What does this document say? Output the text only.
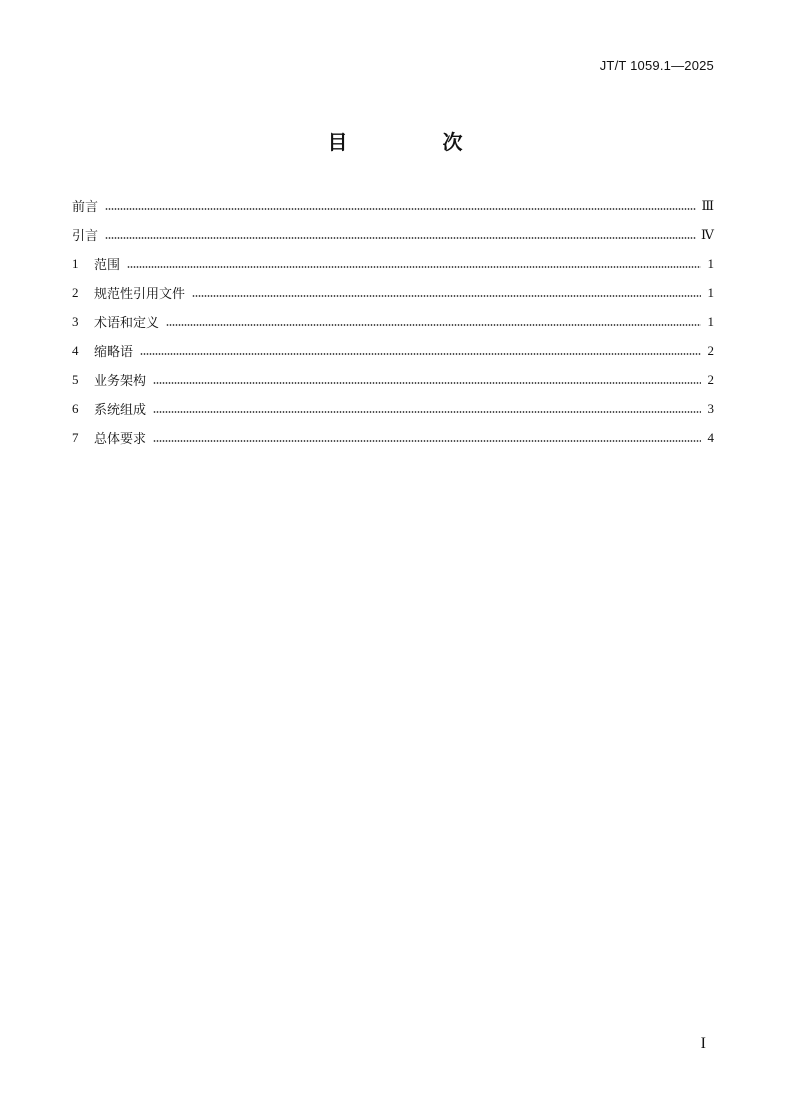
JT/T 1059.1—2025
目 次
前言	Ⅲ
引言	Ⅳ
1	范围	1
2	规范性引用文件	1
3	术语和定义	1
4	缩略语	2
5	业务架构	2
6	系统组成	3
7	总体要求	4
I
